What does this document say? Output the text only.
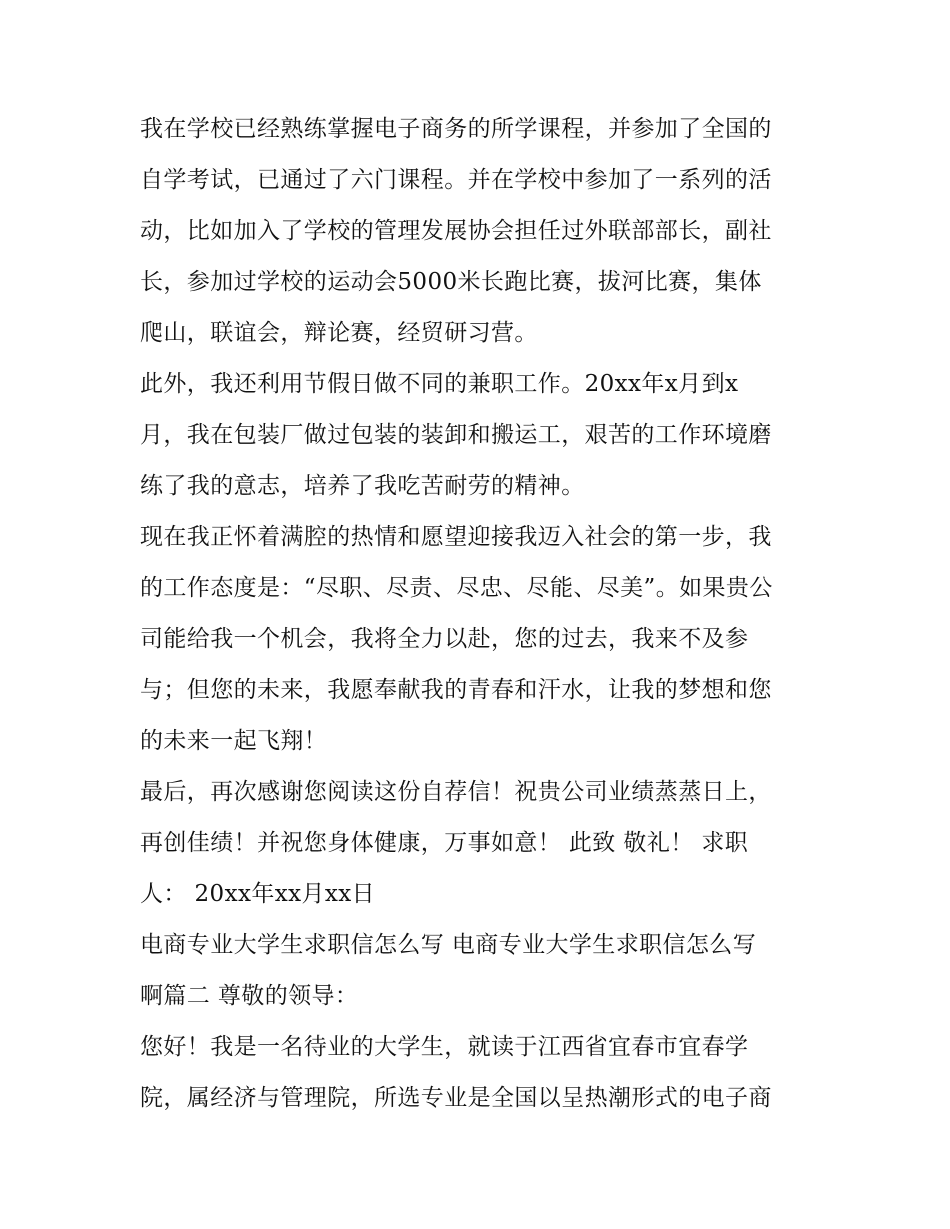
我在学校已经熟练掌握电子商务的所学课程，并参加了全国的
自学考试，已通过了六门课程。并在学校中参加了一系列的活
动，比如加入了学校的管理发展协会担任过外联部部长，副社
长，参加过学校的运动会5000米长跑比赛，拔河比赛，集体
爬山，联谊会，辩论赛，经贸研习营。

此外，我还利用节假日做不同的兼职工作。20xx年x月到x
月，我在包装厂做过包装的装卸和搬运工，艰苦的工作环境磨
练了我的意志，培养了我吃苦耐劳的精神。

现在我正怀着满腔的热情和愿望迎接我迈入社会的第一步，我
的工作态度是：“尽职、尽责、尽忠、尽能、尽美”。如果贵公
司能给我一个机会，我将全力以赴，您的过去，我来不及参
与；但您的未来，我愿奉献我的青春和汗水，让我的梦想和您
的未来一起飞翔！

最后，再次感谢您阅读这份自荐信！祝贵公司业绩蒸蒸日上，
再创佳绩！并祝您身体健康，万事如意！ 此致 敬礼！ 求职
人： 20xx年xx月xx日

电商专业大学生求职信怎么写 电商专业大学生求职信怎么写
啊篇二 尊敬的领导：

您好！我是一名待业的大学生，就读于江西省宜春市宜春学
院，属经济与管理院，所选专业是全国以呈热潮形式的电子商
